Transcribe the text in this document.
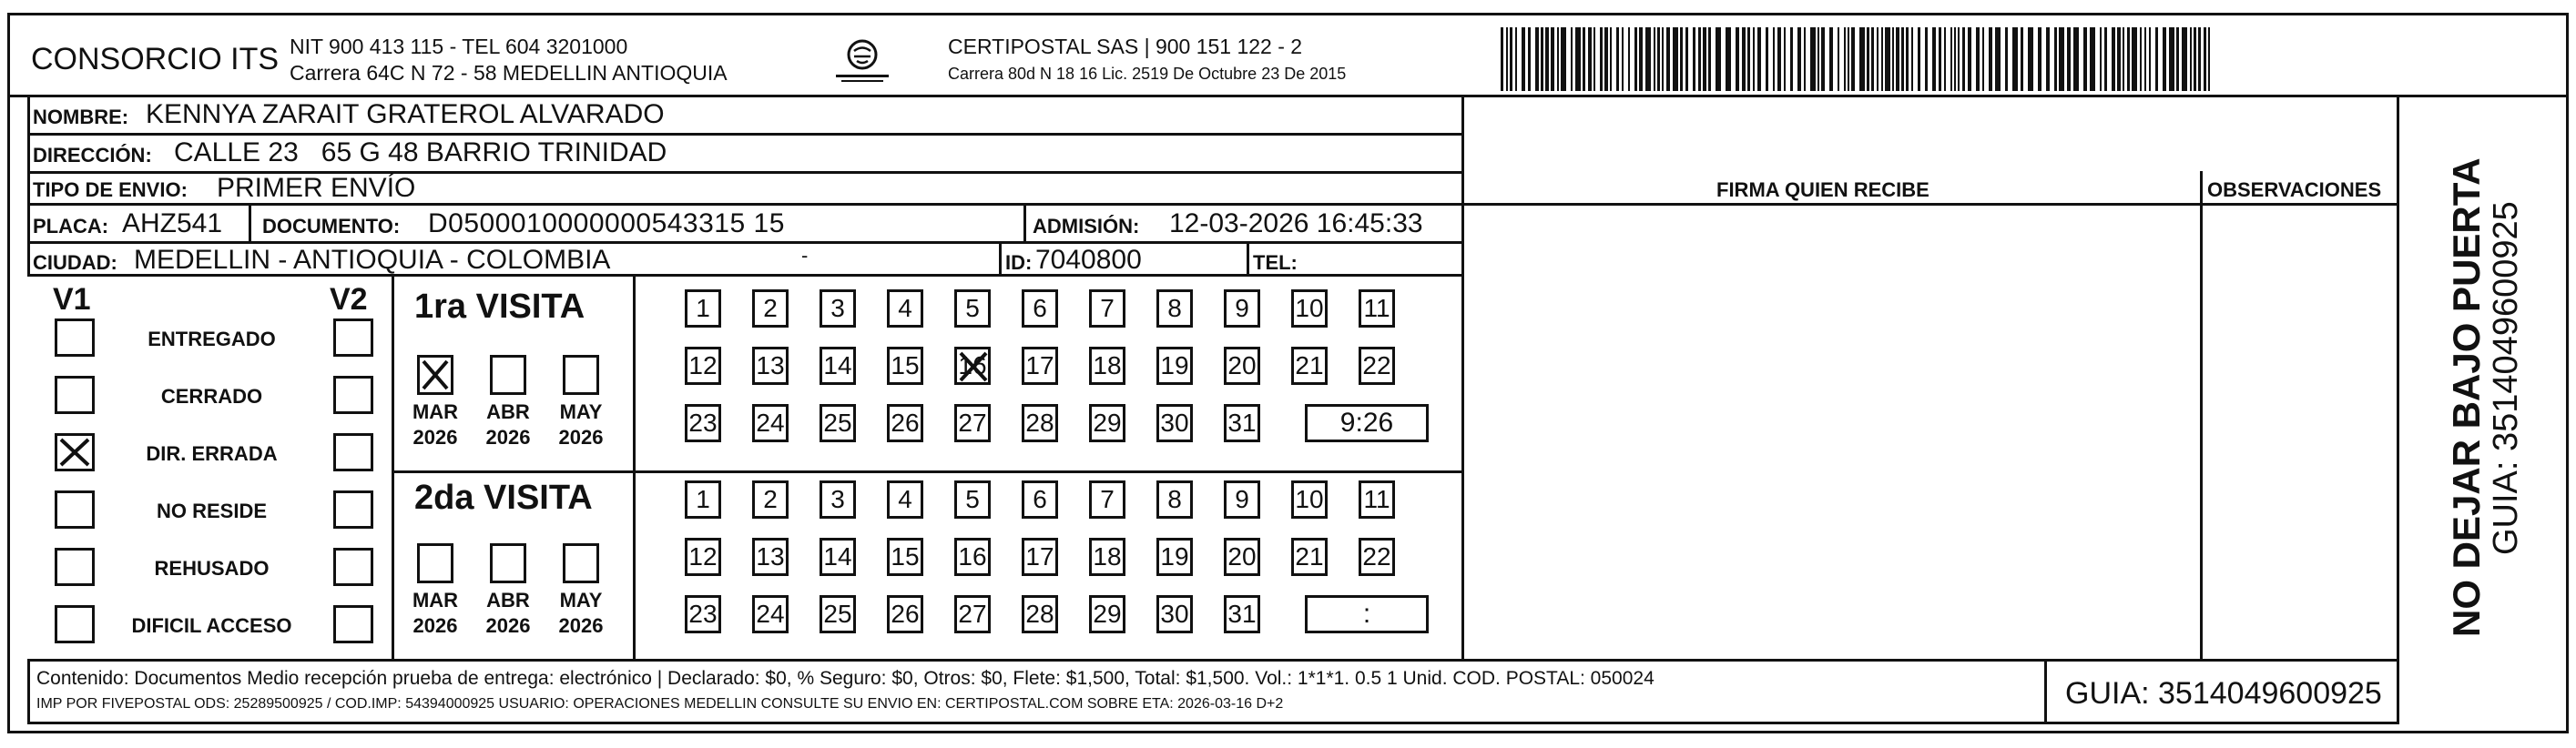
CONSORCIO ITS NIT 900 413 115 - TEL 604 3201000
Carrera 64C N 72 - 58 MEDELLIN ANTIOQUIA
CERTIPOSTAL SAS | 900 151 122 - 2
Carrera 80d N 18 16 Lic. 2519 De Octubre 23 De 2015
NOMBRE: KENNYA ZARAIT GRATEROL ALVARADO
DIRECCIÓN: CALLE 23   65 G 48 BARRIO TRINIDAD
TIPO DE ENVIO: PRIMER ENVÍO
PLACA: AHZ541 DOCUMENTO: D0500010000000543315 15	ADMISIÓN: 12-03-2026 16:45:33
CIUDAD: MEDELLIN - ANTIOQUIA - COLOMBIA	-	ID: 7040800	TEL:
FIRMA QUIEN RECIBE	OBSERVACIONES NO DEJAR BAJO PUERTA GUIA: 3514049600925
V1	V2
ENTREGADO
CERRADO
DIR. ERRADA
NO RESIDE
REHUSADO
DIFICIL ACCESO
1ra VISITA
MAR
2026
ABR
2026
MAY
2026
1	2	3	4	5	6	7	8	9	10 11
12 13 14 15 16 17 18 19 20 21 22
23 24 25 26 27 28 29 30 31	9:26
2da VISITA
MAR
2026
ABR
2026
MAY
2026
1	2	3	4	5	6	7	8	9	10 11
12 13 14 15 16 17 18 19 20 21 22
23 24 25 26 27 28 29 30 31	:
Contenido: Documentos Medio recepción prueba de entrega: electrónico | Declarado: $0, % Seguro: $0, Otros: $0, Flete: $1,500, Total: $1,500. Vol.: 1*1*1. 0.5 1 Unid. COD. POSTAL: 050024
IMP POR FIVEPOSTAL ODS: 25289500925 / COD.IMP: 54394000925 USUARIO: OPERACIONES MEDELLIN CONSULTE SU ENVIO EN: CERTIPOSTAL.COM SOBRE ETA: 2026-03-16 D+2	GUIA: 3514049600925
